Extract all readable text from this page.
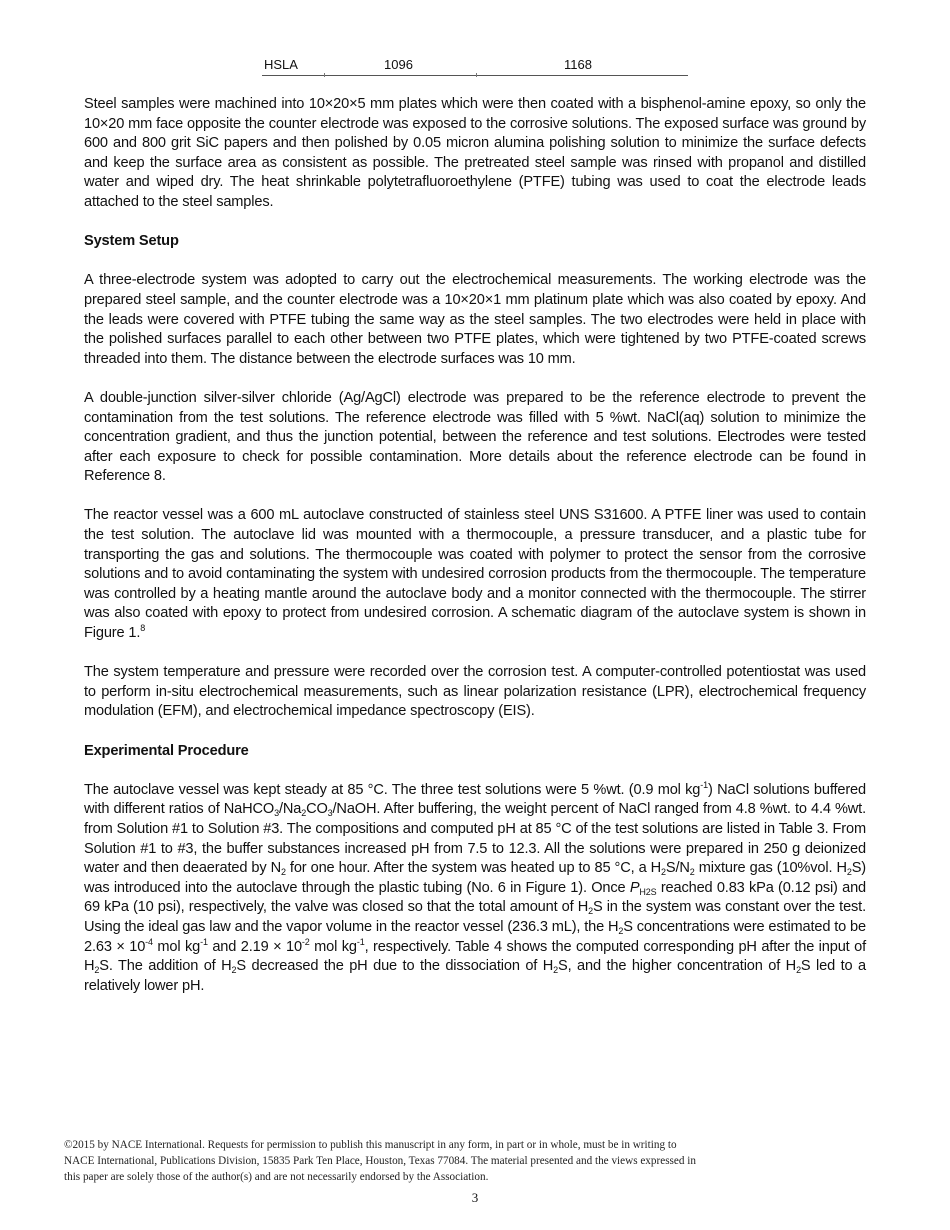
HSLA	1096	1168

Steel samples were machined into 10×20×5 mm plates which were then coated with a bisphenol-amine epoxy, so only the 10×20 mm face opposite the counter electrode was exposed to the corrosive solutions. The exposed surface was ground by 600 and 800 grit SiC papers and then polished by 0.05 micron alumina polishing solution to minimize the surface defects and keep the surface area as consistent as possible. The pretreated steel sample was rinsed with propanol and distilled water and wiped dry. The heat shrinkable polytetrafluoroethylene (PTFE) tubing was used to coat the electrode leads attached to the steel samples.

System Setup

A three-electrode system was adopted to carry out the electrochemical measurements. The working electrode was the prepared steel sample, and the counter electrode was a 10×20×1 mm platinum plate which was also coated by epoxy. And the leads were covered with PTFE tubing the same way as the steel samples. The two electrodes were held in place with the polished surfaces parallel to each other between two PTFE plates, which were tightened by two PTFE-coated screws threaded into them. The distance between the electrode surfaces was 10 mm.

A double-junction silver-silver chloride (Ag/AgCl) electrode was prepared to be the reference electrode to prevent the contamination from the test solutions. The reference electrode was filled with 5 %wt. NaCl(aq) solution to minimize the concentration gradient, and thus the junction potential, between the reference and test solutions. Electrodes were tested after each exposure to check for possible contamination. More details about the reference electrode can be found in Reference 8.

The reactor vessel was a 600 mL autoclave constructed of stainless steel UNS S31600. A PTFE liner was used to contain the test solution. The autoclave lid was mounted with a thermocouple, a pressure transducer, and a plastic tube for transporting the gas and solutions. The thermocouple was coated with polymer to protect the sensor from the corrosive solutions and to avoid contaminating the system with undesired corrosion products from the thermocouple. The temperature was controlled by a heating mantle around the autoclave body and a monitor connected with the thermocouple. The stirrer was also coated with epoxy to protect from undesired corrosion. A schematic diagram of the autoclave system is shown in Figure 1.$^8$

The system temperature and pressure were recorded over the corrosion test. A computer-controlled potentiostat was used to perform in-situ electrochemical measurements, such as linear polarization resistance (LPR), electrochemical frequency modulation (EFM), and electrochemical impedance spectroscopy (EIS).

Experimental Procedure

The autoclave vessel was kept steady at 85 °C. The three test solutions were 5 %wt. (0.9 mol $kg^{-1}$) NaCl solutions buffered with different ratios of $NaHCO_3/Na_2CO_3$/NaOH. After buffering, the weight percent of NaCl ranged from 4.8 %wt. to 4.4 %wt. from Solution #1 to Solution #3. The compositions and computed pH at 85 °C of the test solutions are listed in Table 3. From Solution #1 to #3, the buffer substances increased pH from 7.5 to 12.3. All the solutions were prepared in 250 g deionized water and then deaerated by $N_2$ for one hour. After the system was heated up to 85 °C, a $H_2S/N_2$ mixture gas (10%vol. $H_2S$) was introduced into the autoclave through the plastic tubing (No. 6 in Figure 1). Once $P_{H2S}$ reached 0.83 kPa (0.12 psi) and 69 kPa (10 psi), respectively, the valve was closed so that the total amount of $H_2S$ in the system was constant over the test. Using the ideal gas law and the vapor volume in the reactor vessel (236.3 mL), the $H_2S$ concentrations were estimated to be $2.63 \times 10^{-4}$ mol $kg^{-1}$ and $2.19 \times 10^{-2}$ mol $kg^{-1}$, respectively. Table 4 shows the computed corresponding pH after the input of $H_2S$. The addition of $H_2S$ decreased the pH due to the dissociation of $H_2S$, and the higher concentration of $H_2S$ led to a relatively lower pH.

©2015 by NACE International. Requests for permission to publish this manuscript in any form, in part or in whole, must be in writing to
NACE International, Publications Division, 15835 Park Ten Place, Houston, Texas 77084. The material presented and the views expressed in
this paper are solely those of the author(s) and are not necessarily endorsed by the Association.
3
